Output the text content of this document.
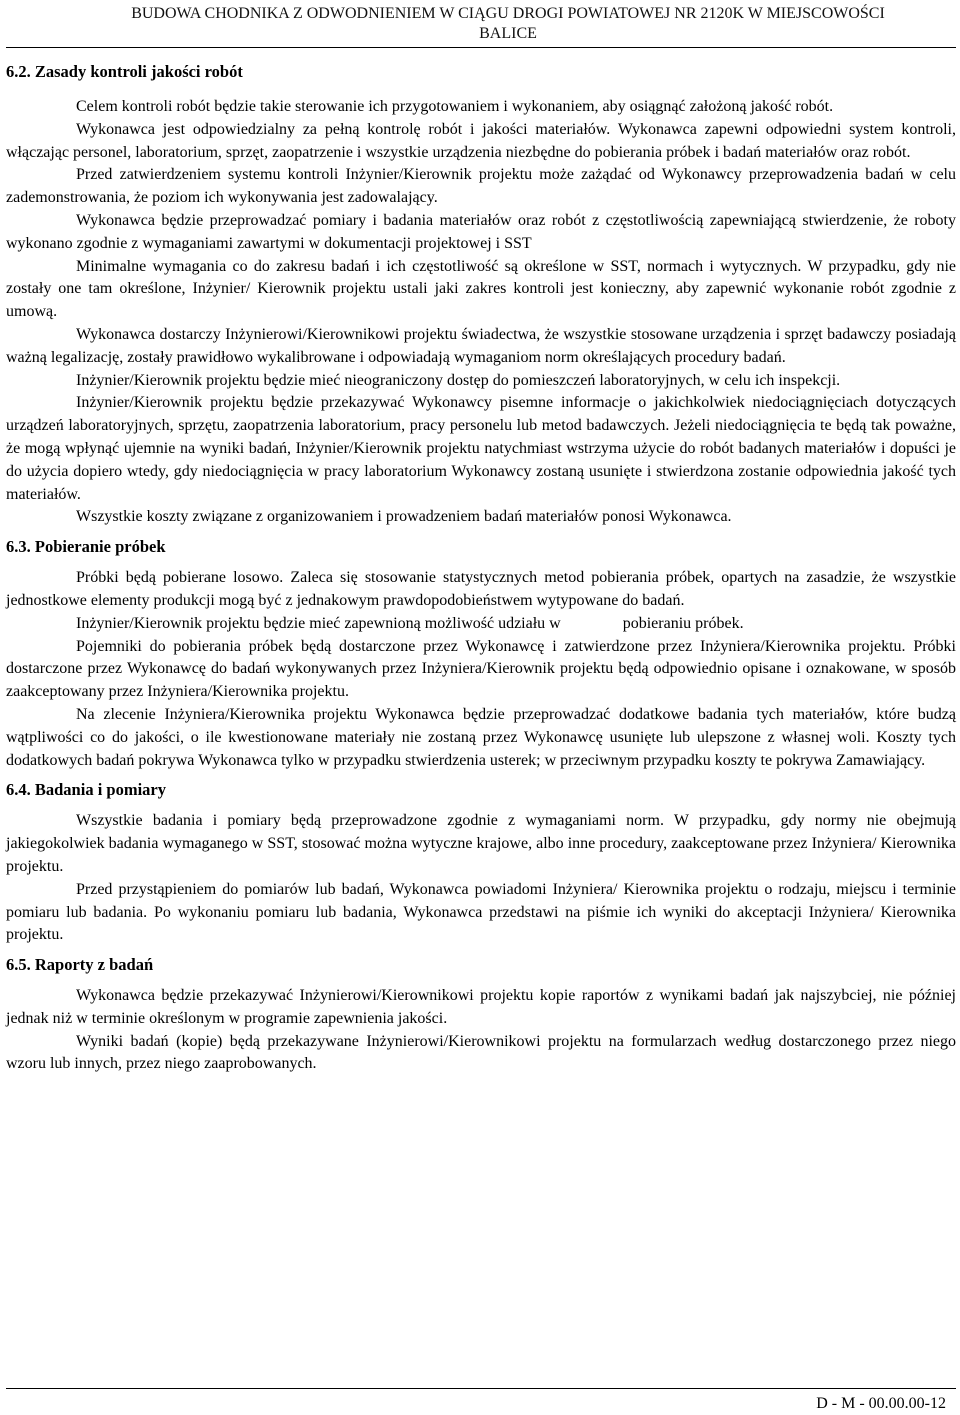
BUDOWA CHODNIKA Z ODWODNIENIEM W CIĄGU DROGI POWIATOWEJ NR 2120K W MIEJSCOWOŚCI
BALICE
6.2. Zasady kontroli jakości robót

Celem kontroli robót będzie takie sterowanie ich przygotowaniem i wykonaniem, aby osiągnąć założoną jakość robót.

Wykonawca jest odpowiedzialny za pełną kontrolę robót i jakości materiałów. Wykonawca zapewni odpowiedni system kontroli, włączając personel, laboratorium, sprzęt, zaopatrzenie i wszystkie urządzenia niezbędne do pobierania próbek i badań materiałów oraz robót.

Przed zatwierdzeniem systemu kontroli Inżynier/Kierownik projektu może zażądać od Wykonawcy przeprowadzenia badań w celu zademonstrowania, że poziom ich wykonywania jest zadowalający.

Wykonawca będzie przeprowadzać pomiary i badania materiałów oraz robót z częstotliwością zapewniającą stwierdzenie, że roboty wykonano zgodnie z wymaganiami zawartymi w dokumentacji projektowej i SST

Minimalne wymagania co do zakresu badań i ich częstotliwość są określone w SST, normach i wytycznych. W przypadku, gdy nie zostały one tam określone, Inżynier/ Kierownik projektu ustali jaki zakres kontroli jest konieczny, aby zapewnić wykonanie robót zgodnie z umową.

Wykonawca dostarczy Inżynierowi/Kierownikowi projektu świadectwa, że wszystkie stosowane urządzenia i sprzęt badawczy posiadają ważną legalizację, zostały prawidłowo wykalibrowane i odpowiadają wymaganiom norm określających procedury badań.

Inżynier/Kierownik projektu będzie mieć nieograniczony dostęp do pomieszczeń laboratoryjnych, w celu ich inspekcji.

Inżynier/Kierownik projektu będzie przekazywać Wykonawcy pisemne informacje o jakichkolwiek niedociągnięciach dotyczących urządzeń laboratoryjnych, sprzętu, zaopatrzenia laboratorium, pracy personelu lub metod badawczych. Jeżeli niedociągnięcia te będą tak poważne, że mogą wpłynąć ujemnie na wyniki badań, Inżynier/Kierownik projektu natychmiast wstrzyma użycie do robót badanych materiałów i dopuści je do użycia dopiero wtedy, gdy niedociągnięcia w pracy laboratorium Wykonawcy zostaną usunięte i stwierdzona zostanie odpowiednia jakość tych materiałów.

Wszystkie koszty związane z organizowaniem i prowadzeniem badań materiałów ponosi Wykonawca.

6.3. Pobieranie próbek

Próbki będą pobierane losowo. Zaleca się stosowanie statystycznych metod pobierania próbek, opartych na zasadzie, że wszystkie jednostkowe elementy produkcji mogą być z jednakowym prawdopodobieństwem wytypowane do badań.

Inżynier/Kierownik projektu będzie mieć zapewnioną możliwość udziału w	pobieraniu próbek.

Pojemniki do pobierania próbek będą dostarczone przez Wykonawcę i zatwierdzone przez Inżyniera/Kierownika projektu. Próbki dostarczone przez Wykonawcę do badań wykonywanych przez Inżyniera/Kierownik projektu będą odpowiednio opisane i oznakowane, w sposób zaakceptowany przez Inżyniera/Kierownika projektu.

Na zlecenie Inżyniera/Kierownika projektu Wykonawca będzie przeprowadzać dodatkowe badania tych materiałów, które budzą wątpliwości co do jakości, o ile kwestionowane materiały nie zostaną przez Wykonawcę usunięte lub ulepszone z własnej woli. Koszty tych dodatkowych badań pokrywa Wykonawca tylko w przypadku stwierdzenia usterek; w przeciwnym przypadku koszty te pokrywa Zamawiający.

6.4. Badania i pomiary

Wszystkie badania i pomiary będą przeprowadzone zgodnie z wymaganiami norm. W przypadku, gdy normy nie obejmują jakiegokolwiek badania wymaganego w SST, stosować można wytyczne krajowe, albo inne procedury, zaakceptowane przez Inżyniera/ Kierownika projektu.

Przed przystąpieniem do pomiarów lub badań, Wykonawca powiadomi Inżyniera/ Kierownika projektu o rodzaju, miejscu i terminie pomiaru lub badania. Po wykonaniu pomiaru lub badania, Wykonawca przedstawi na piśmie ich wyniki do akceptacji Inżyniera/ Kierownika projektu.

6.5. Raporty z badań

Wykonawca będzie przekazywać Inżynierowi/Kierownikowi projektu kopie raportów z wynikami badań jak najszybciej, nie później jednak niż w terminie określonym w programie zapewnienia jakości.

Wyniki badań (kopie) będą przekazywane Inżynierowi/Kierownikowi projektu na formularzach według dostarczonego przez niego wzoru lub innych, przez niego zaaprobowanych.

D - M - 00.00.00-12
